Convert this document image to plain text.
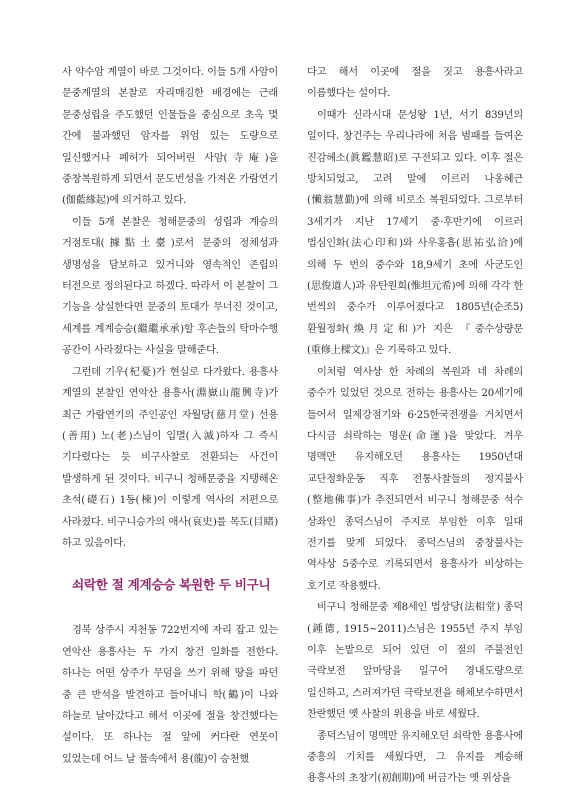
사 약수암 계열이 바로 그것이다. 이들 5개 사암이 문중계열의 본찰로 자리매김한 배경에는 근래 문중성립을 주도했던 인물들을 중심으로 초옥 몇 간에 불과했던 암자를 위엄 있는 도량으로 일신했거나 폐허가 되어버린 사암(寺庵)을 중창복원하게 되면서 문도번성을 가져온 가람연기(伽藍緣起)에 의거하고 있다.

이들 5개 본찰은 청해문중의 성립과 계승의 거점토대(據點土臺)로서 문중의 정체성과 생명성을 담보하고 있거니와 영속적인 존립의 터전으로 정의된다고 하겠다. 따라서 이 본찰이 그 기능을 상실한다면 문중의 토대가 무너진 것이고, 세계를 계계승승(繼繼承承)할 후손들의 탁마수행 공간이 사라졌다는 사실을 말해준다.

그런데 기우(杞憂)가 현실로 다가왔다. 용흥사 계열의 본찰인 연악산 용흥사(淵嶽山龍興寺)가 최근 가람연기의 주인공인 자월당(慈月堂) 선용(善用) 노(老)스님이 입멸(入滅)하자 그 즉시 기다렸다는 듯 비구사찰로 전환되는 사건이 발생하게 된 것이다. 비구니 청해문중을 지탱해온 초석(礎石) 1동(棟)이 이렇게 역사의 저편으로 사라졌다. 비구니승가의 애사(哀史)를 목도(目睹)하고 있음이다.

쇠락한 절 계계승승 복원한 두 비구니

경북 상주시 지천동 722번지에 자리 잡고 있는 연악산 용흥사는 두 가지 창건 일화를 전한다. 하나는 어떤 상주가 무덤을 쓰기 위해 땅을 파던 중 큰 반석을 발견하고 들어내니 학(鶴)이 나와 하늘로 날아갔다고 해서 이곳에 절을 창건했다는 설이다. 또 하나는 절 앞에 커다란 연못이 있었는데 어느 날 물속에서 용(龍)이 승천했

다고 해서 이곳에 절을 짓고 용흥사라고 이름했다는 설이다.

이때가 신라시대 문성왕 1년, 서기 839년의 일이다. 창건주는 우리나라에 처음 범패를 들여온 진감혜소(眞鑑慧昭)로 구전되고 있다. 이후 절은 방치되었고, 고려 말에 이르러 나옹혜근(懶翁慧勤)에 의해 비로소 복원되었다. 그로부터 3세기가 지난 17세기 중·후반기에 이르러 법심인화(法心印和)와 사우홍흡(思祐弘洽)에 의해 두 번의 중수와 18,9세기 초에 사군도인(思俊道人)과 유탄원희(惟坦元希)에 의해 각각 한 번씩의 중수가 이루어졌다고 1805년(순조5) 환월정화(煥月定和)가 지은 『중수상량문(重修上樑文)』은 기록하고 있다.

이처럼 역사상 한 차례의 복원과 네 차례의 중수가 있었던 것으로 전하는 용흥사는 20세기에 들어서 일제강점기와 6·25한국전쟁을 거치면서 다시금 쇠락하는 명운(命運)을 맞았다. 겨우 명맥만 유지해오던 용흥사는 1950년대 교단정화운동 직후 전통사찰들의 정지불사(整地佛事)가 추진되면서 비구니 청해문중 석수 상좌인 종덕스님이 주지로 부임한 이후 일대 전기를 맞게 되었다. 종덕스님의 중창불사는 역사상 5중수로 기록되면서 용흥사가 비상하는 호기로 작용했다.

비구니 청해문중 제8세인 법상당(法相堂) 종덕(鍾德, 1915~2011)스님은 1955년 주지 부임 이후 논밭으로 되어 있던 이 절의 주불전인 극락보전 앞마당을 일구어 경내도량으로 일신하고, 스러져가던 극락보전을 해체보수하면서 찬란했던 옛 사찰의 위용을 바로 세웠다.

종덕스님이 명맥만 유지해오던 쇠락한 용흥사에 중흥의 기치를 세웠다면, 그 유지를 계승해 용흥사의 초창기(初創期)에 버금가는 옛 위상을
